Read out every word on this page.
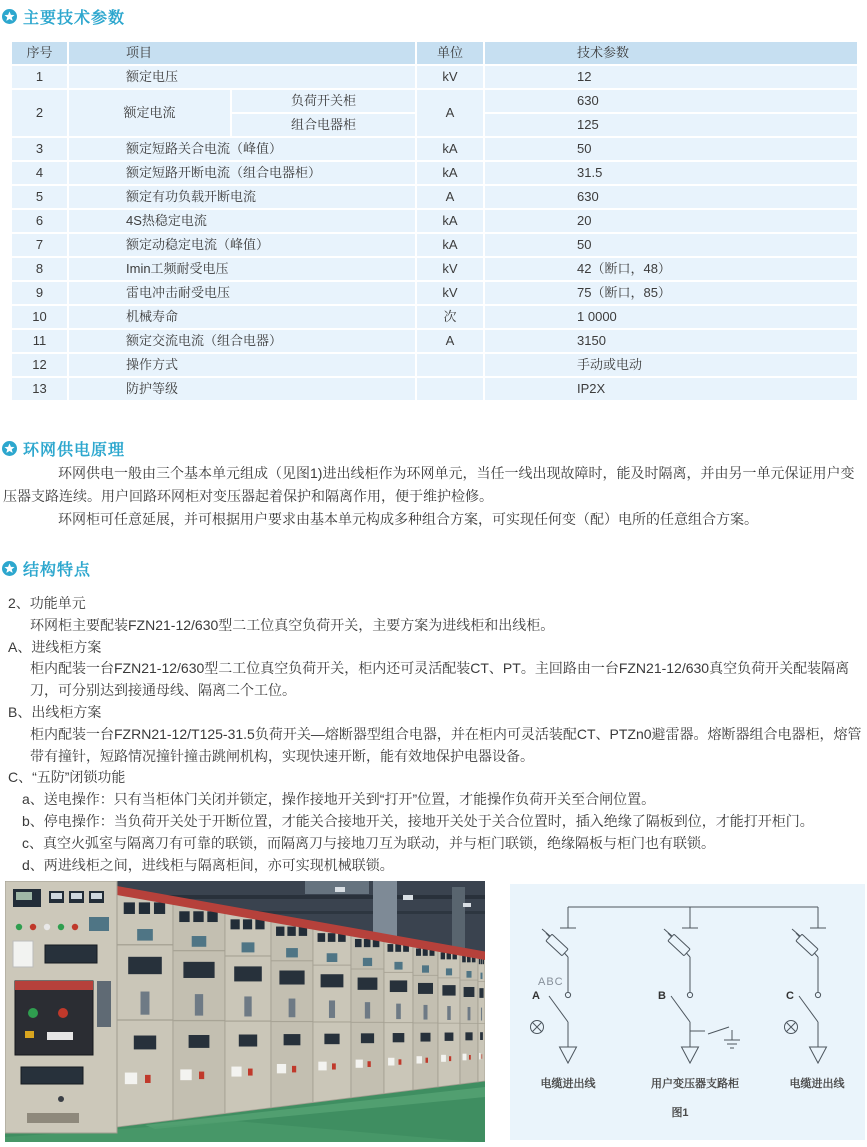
主要技术参数
序号	项目		单位	技术参数
1	额定电压		kV	12
2	额定电流	负荷开关柜	A	630
		组合电器柜		125
3	额定短路关合电流（峰值）		kA	50
4	额定短路开断电流（组合电器柜）		kA	31.5
5	额定有功负载开断电流		A	630
6	4S热稳定电流		kA	20
7	额定动稳定电流（峰值）		kA	50
8	Imin工频耐受电压		kV	42（断口，48）
9	雷电冲击耐受电压		kV	75（断口，85）
10	机械寿命		次	1 0000
11	额定交流电流（组合电器）		A	3150
12	操作方式			手动或电动
13	防护等级			IP2X
环网供电原理

环网供电一般由三个基本单元组成（见图1)进出线柜作为环网单元，当任一线出现故障时，能及时隔离，并由另一单元保证用户变压器支路连续。用户回路环网柜对变压器起着保护和隔离作用，便于维护检修。

环网柜可任意延展，并可根据用户要求由基本单元构成多种组合方案，可实现任何变（配）电所的任意组合方案。

结构特点
2、功能单元
环网柜主要配装FZN21-12/630型二工位真空负荷开关，主要方案为进线柜和出线柜。
A、进线柜方案
柜内配装一台FZN21-12/630型二工位真空负荷开关，柜内还可灵活配装CT、PT。主回路由一台FZN21-12/630真空负荷开关配装隔离刀，可分别达到接通母线、隔离二个工位。
B、出线柜方案
柜内配装一台FZRN21-12/T125-31.5负荷开关—熔断器型组合电器，并在柜内可灵活装配CT、PTZn0避雷器。熔断器组合电器柜，熔管带有撞针，短路情况撞针撞击跳闸机构，实现快速开断，能有效地保护电器设备。
C、“五防”闭锁功能
a、送电操作：只有当柜体门关闭并锁定，操作接地开关到“打开”位置，才能操作负荷开关至合闸位置。
b、停电操作：当负荷开关处于开断位置，才能关合接地开关，接地开关处于关合位置时，插入绝缘了隔板到位，才能打开柜门。
c、真空火弧室与隔离刀有可靠的联锁，而隔离刀与接地刀互为联动，并与柜门联锁，绝缘隔板与柜门也有联锁。
d、两进线柜之间，进线柜与隔离柜间，亦可实现机械联锁。
ABC
A	B	C
电缆进出线	用户变压器支路柜	电缆进出线
图1
